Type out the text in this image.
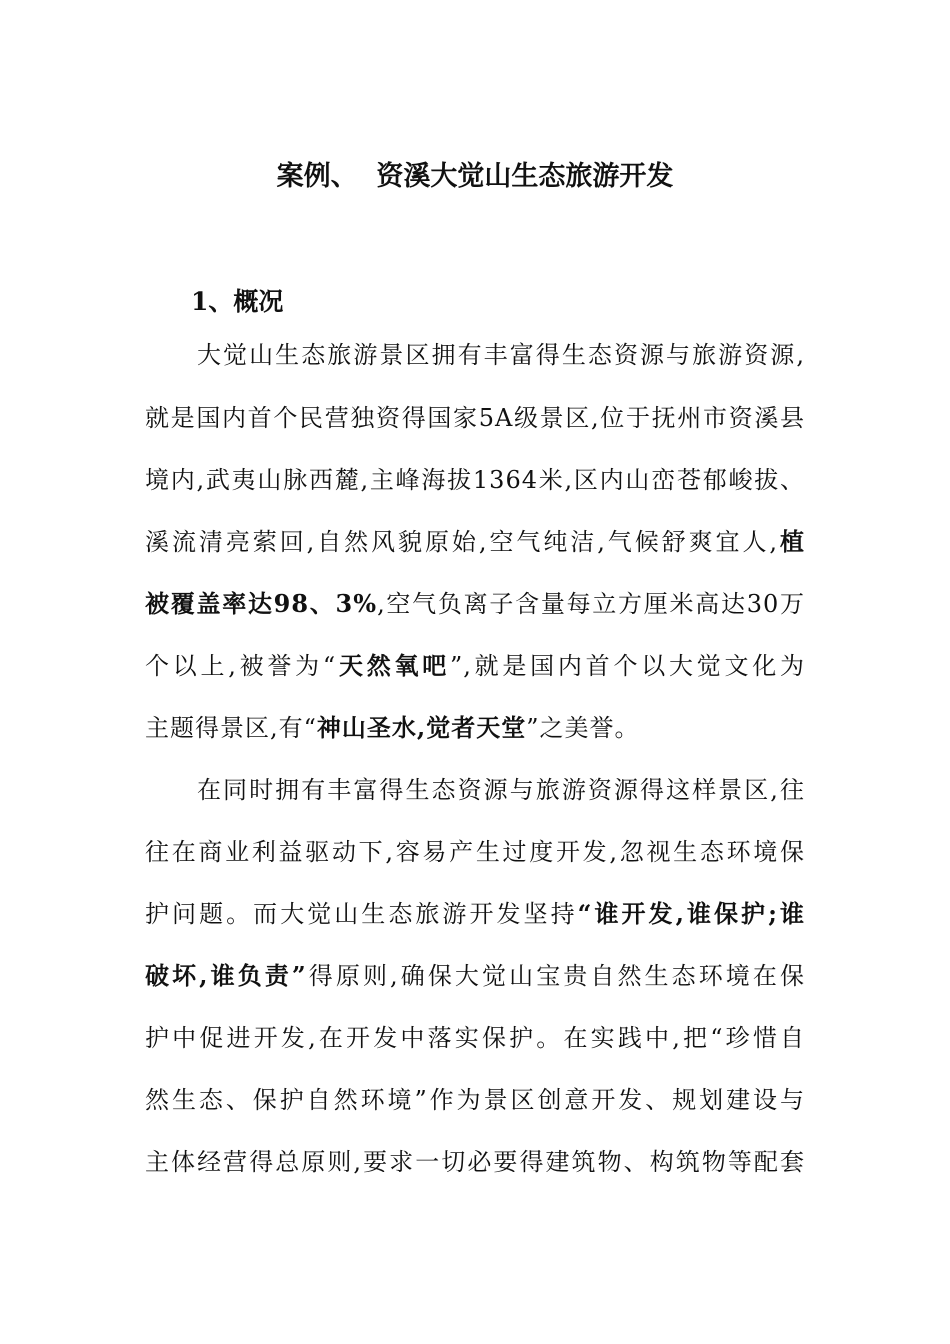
案例、  资溪大觉山生态旅游开发
1、概况
大觉山生态旅游景区拥有丰富得生态资源与旅游资源,
就是国内首个民营独资得国家5A级景区,位于抚州市资溪县
境内,武夷山脉西麓,主峰海拔1364米,区内山峦苍郁峻拔、
溪流清亮萦回,自然风貌原始,空气纯洁,气候舒爽宜人,植
被覆盖率达98、3%,空气负离子含量每立方厘米高达30万
个以上,被誉为“天然氧吧”,就是国内首个以大觉文化为
主题得景区,有“神山圣水,觉者天堂”之美誉。
在同时拥有丰富得生态资源与旅游资源得这样景区,往
往在商业利益驱动下,容易产生过度开发,忽视生态环境保
护问题。而大觉山生态旅游开发坚持“谁开发,谁保护;谁
破坏,谁负责”得原则,确保大觉山宝贵自然生态环境在保
护中促进开发,在开发中落实保护。在实践中,把“珍惜自
然生态、保护自然环境”作为景区创意开发、规划建设与
主体经营得总原则,要求一切必要得建筑物、构筑物等配套
